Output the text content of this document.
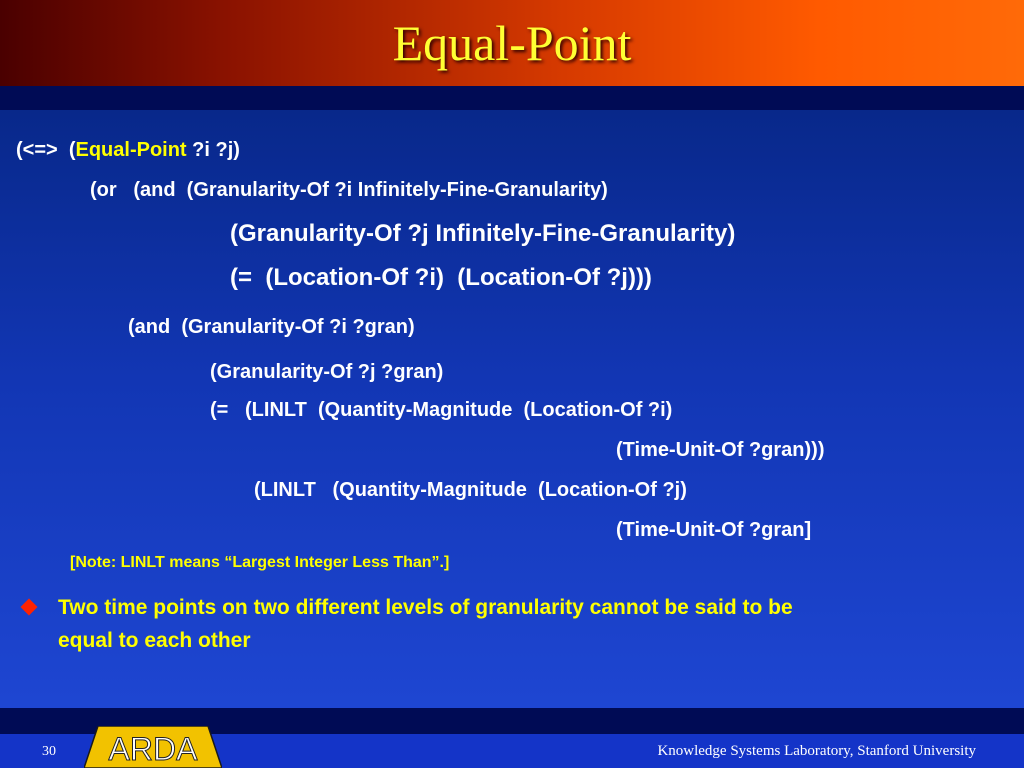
Equal-Point
(<=>  (Equal-Point ?i ?j)
(or   (and  (Granularity-Of ?i Infinitely-Fine-Granularity)
(Granularity-Of ?j Infinitely-Fine-Granularity)
(=  (Location-Of ?i)  (Location-Of ?j)))
(and  (Granularity-Of ?i ?gran)
(Granularity-Of ?j ?gran)
(=   (LINLT  (Quantity-Magnitude  (Location-Of ?i)
(Time-Unit-Of ?gran)))
(LINLT   (Quantity-Magnitude  (Location-Of ?j)
(Time-Unit-Of ?gran]
[Note: LINLT means “Largest Integer Less Than”.]
Two time points on two different levels of granularity cannot be said to be
equal to each other
30 ARDA	Knowledge Systems Laboratory, Stanford University
